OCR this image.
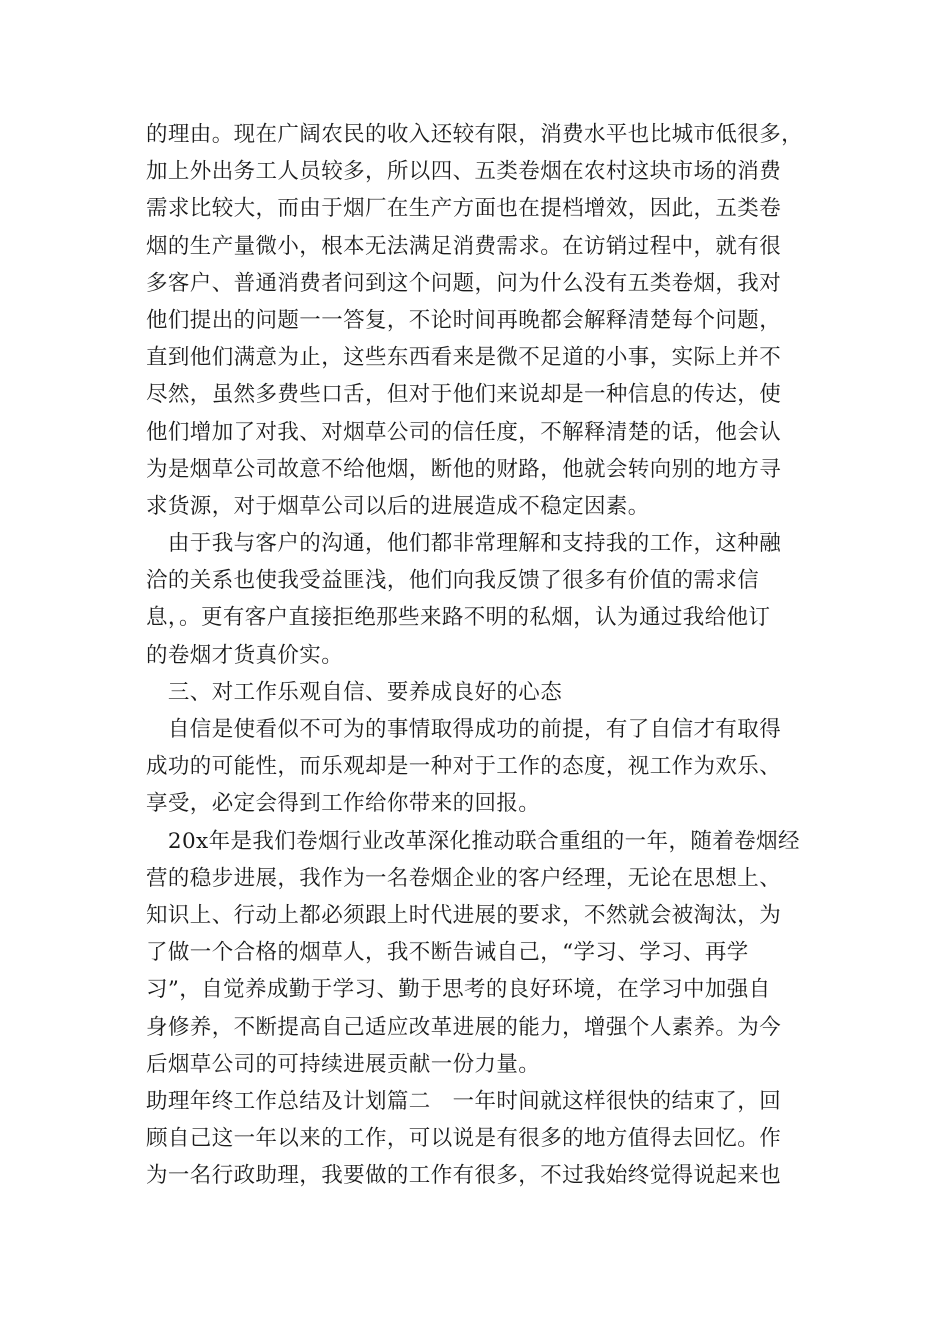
的理由。现在广阔农民的收入还较有限，消费水平也比城市低很多，
加上外出务工人员较多，所以四、五类卷烟在农村这块市场的消费
需求比较大，而由于烟厂在生产方面也在提档增效，因此，五类卷
烟的生产量微小，根本无法满足消费需求。在访销过程中，就有很
多客户、普通消费者问到这个问题，问为什么没有五类卷烟，我对
他们提出的问题一一答复，不论时间再晚都会解释清楚每个问题，
直到他们满意为止，这些东西看来是微不足道的小事，实际上并不
尽然，虽然多费些口舌，但对于他们来说却是一种信息的传达，使
他们增加了对我、对烟草公司的信任度，不解释清楚的话，他会认
为是烟草公司故意不给他烟，断他的财路，他就会转向别的地方寻
求货源，对于烟草公司以后的进展造成不稳定因素。
　由于我与客户的沟通，他们都非常理解和支持我的工作，这种融
洽的关系也使我受益匪浅，他们向我反馈了很多有价值的需求信
息，。更有客户直接拒绝那些来路不明的私烟，认为通过我给他订
的卷烟才货真价实。
　三、对工作乐观自信、要养成良好的心态
　自信是使看似不可为的事情取得成功的前提，有了自信才有取得
成功的可能性，而乐观却是一种对于工作的态度，视工作为欢乐、
享受，必定会得到工作给你带来的回报。
　20x年是我们卷烟行业改革深化推动联合重组的一年，随着卷烟经
营的稳步进展，我作为一名卷烟企业的客户经理，无论在思想上、
知识上、行动上都必须跟上时代进展的要求，不然就会被淘汰，为
了做一个合格的烟草人，我不断告诫自己，“学习、学习、再学
习”，自觉养成勤于学习、勤于思考的良好环境，在学习中加强自
身修养，不断提高自己适应改革进展的能力，增强个人素养。为今
后烟草公司的可持续进展贡献一份力量。
助理年终工作总结及计划篇二　一年时间就这样很快的结束了，回
顾自己这一年以来的工作，可以说是有很多的地方值得去回忆。作
为一名行政助理，我要做的工作有很多，不过我始终觉得说起来也
